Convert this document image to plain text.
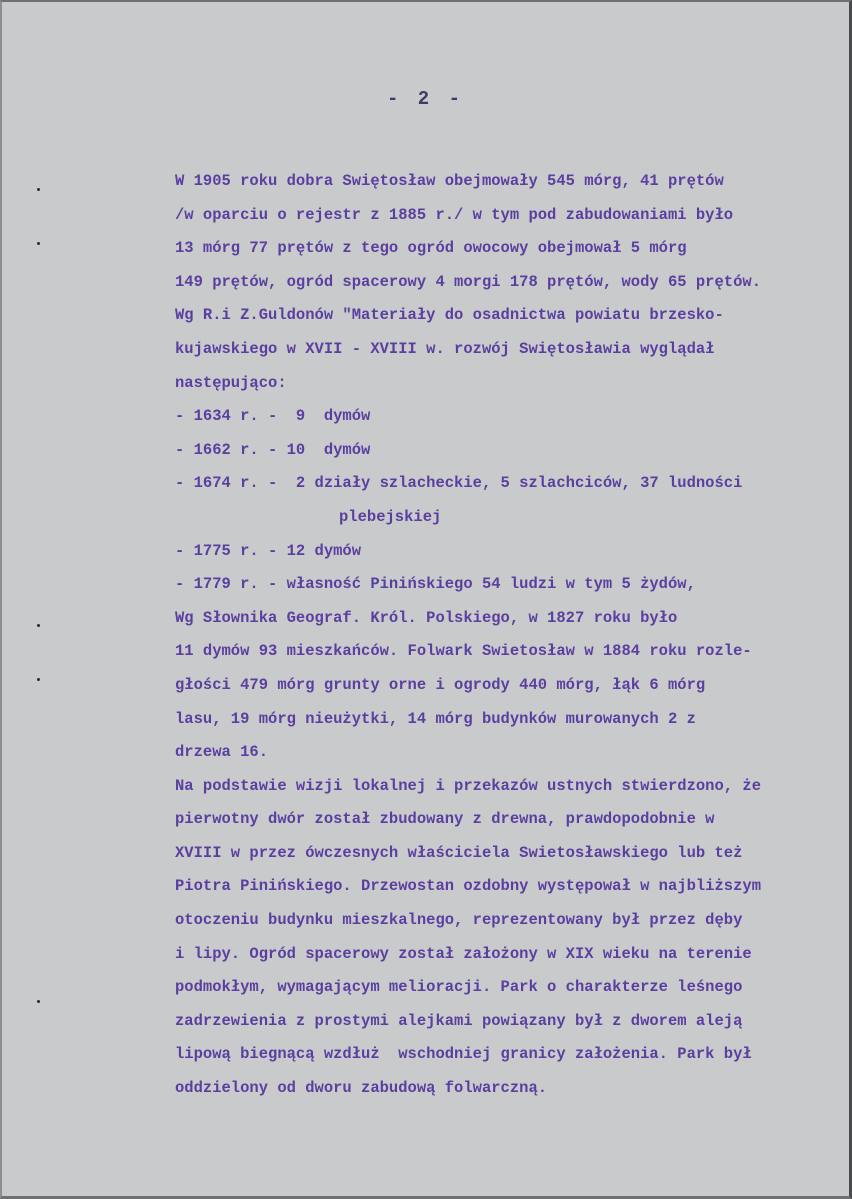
- 2 -
W 1905 roku dobra Swiętosław obejmowały 545 mórg, 41 prętów
/w oparciu o rejestr z 1885 r./ w tym pod zabudowaniami było
13 mórg 77 prętów z tego ogród owocowy obejmował 5 mórg
149 prętów, ogród spacerowy 4 morgi 178 prętów, wody 65 prętów.
Wg R.i Z.Guldonów "Materiały do osadnictwa powiatu brzesko-
kujawskiego w XVII - XVIII w. rozwój Swiętosławia wyglądał
następująco:
- 1634 r. -  9  dymów
- 1662 r. - 10  dymów
- 1674 r. -  2 działy szlacheckie, 5 szlachciców, 37 ludności
plebejskiej
- 1775 r. - 12 dymów
- 1779 r. - własność Pinińskiego 54 ludzi w tym 5 żydów,
Wg Słownika Geograf. Król. Polskiego, w 1827 roku było
11 dymów 93 mieszkańców. Folwark Swietosław w 1884 roku rozle-
głości 479 mórg grunty orne i ogrody 440 mórg, łąk 6 mórg
lasu, 19 mórg nieużytki, 14 mórg budynków murowanych 2 z
drzewa 16.
Na podstawie wizji lokalnej i przekazów ustnych stwierdzono, że
pierwotny dwór został zbudowany z drewna, prawdopodobnie w
XVIII w przez ówczesnych właściciela Swietosławskiego lub też
Piotra Pinińskiego. Drzewostan ozdobny występował w najbliższym
otoczeniu budynku mieszkalnego, reprezentowany był przez dęby
i lipy. Ogród spacerowy został założony w XIX wieku na terenie
podmokłym, wymagającym melioracji. Park o charakterze leśnego
zadrzewienia z prostymi alejkami powiązany był z dworem aleją
lipową biegnącą wzdłuż  wschodniej granicy założenia. Park był
oddzielony od dworu zabudową folwarczną.
